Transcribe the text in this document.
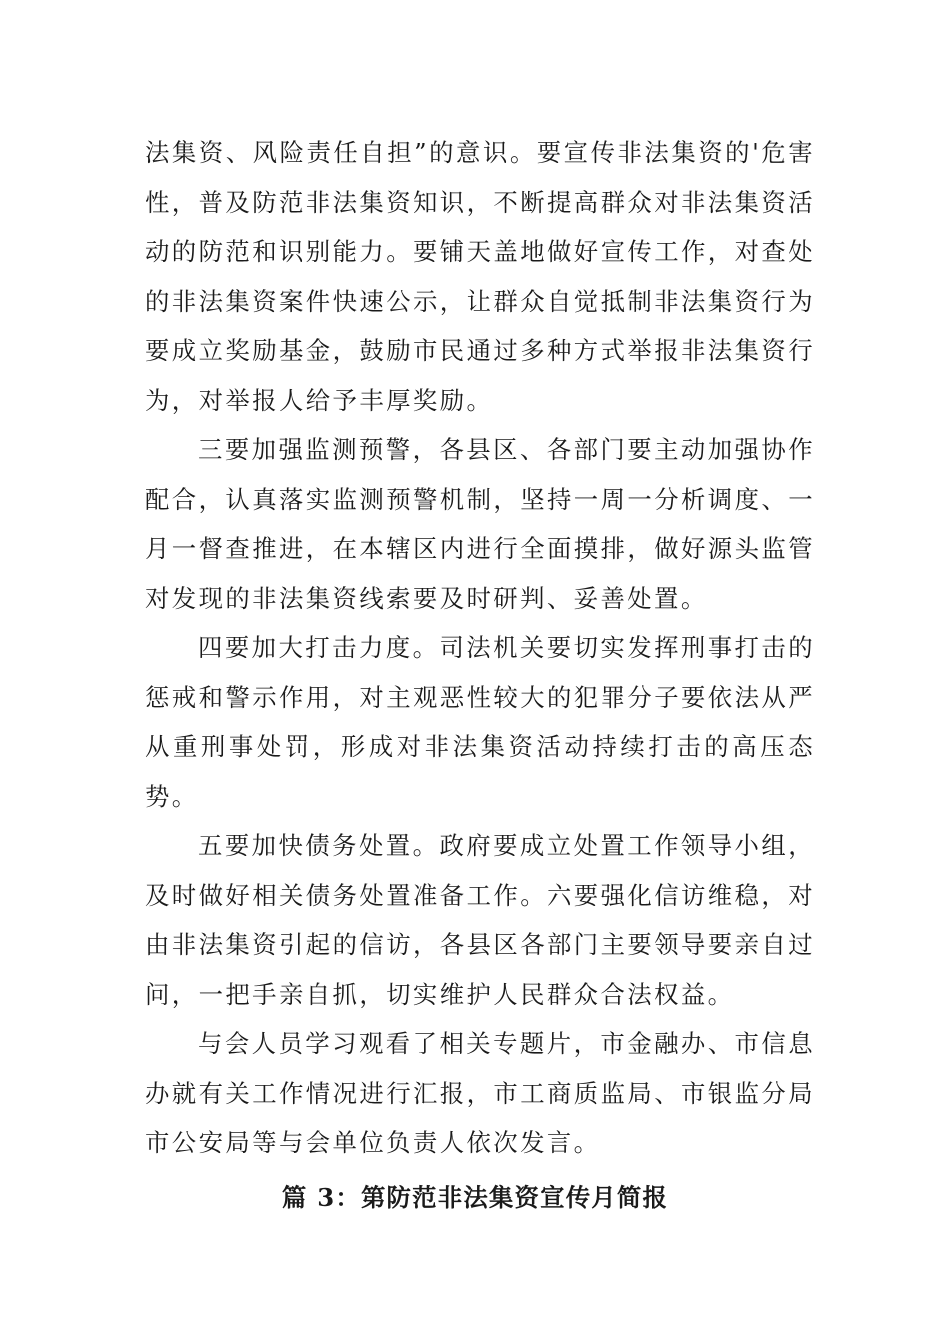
法集资、风险责任自担”的意识。要宣传非法集资的'危害性，普及防范非法集资知识，不断提高群众对非法集资活动的防范和识别能力。要铺天盖地做好宣传工作，对查处的非法集资案件快速公示，让群众自觉抵制非法集资行为要成立奖励基金，鼓励市民通过多种方式举报非法集资行为，对举报人给予丰厚奖励。

三要加强监测预警，各县区、各部门要主动加强协作配合，认真落实监测预警机制，坚持一周一分析调度、一月一督查推进，在本辖区内进行全面摸排，做好源头监管对发现的非法集资线索要及时研判、妥善处置。

四要加大打击力度。司法机关要切实发挥刑事打击的惩戒和警示作用，对主观恶性较大的犯罪分子要依法从严从重刑事处罚，形成对非法集资活动持续打击的高压态势。

五要加快债务处置。政府要成立处置工作领导小组，及时做好相关债务处置准备工作。六要强化信访维稳，对由非法集资引起的信访，各县区各部门主要领导要亲自过问，一把手亲自抓，切实维护人民群众合法权益。

与会人员学习观看了相关专题片，市金融办、市信息办就有关工作情况进行汇报，市工商质监局、市银监分局市公安局等与会单位负责人依次发言。

篇 3：第防范非法集资宣传月简报
